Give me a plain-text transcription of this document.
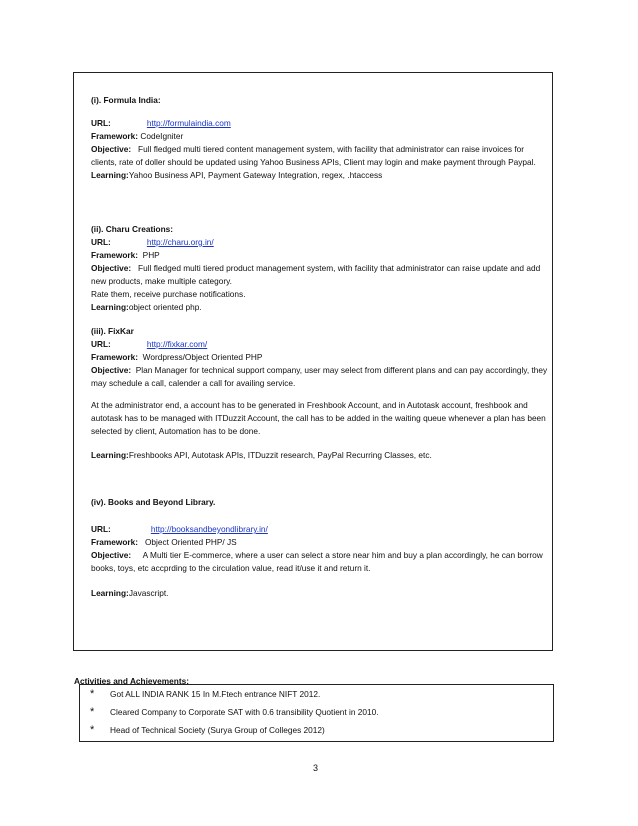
(i). Formula India:
URL:	http://formulaindia.com
Framework: CodeIgniter
Objective: Full fledged multi tiered content management system, with facility that administrator can raise invoices for clients, rate of doller should be updated using Yahoo Business APIs, Client may login and make payment through Paypal.
Learning:Yahoo Business API, Payment Gateway Integration, regex, .htaccess
(ii). Charu Creations:
URL:	http://charu.org.in/
Framework: PHP
Objective: Full fledged multi tiered product management system, with facility that administrator can raise update and add new products, make multiple category.
Rate them, receive purchase notifications.
Learning:object oriented php.
(iii). FixKar
URL:	http://fixkar.com/
Framework: Wordpress/Object Oriented PHP
Objective: Plan Manager for technical support company, user may select from different plans and can pay accordingly, they may schedule a call, calender a call for availing service.
At the administrator end, a account has to be generated in Freshbook Account, and in Autotask account, freshbook and autotask has to be managed with ITDuzzit Account, the call has to be added in the waiting queue whenever a plan has been selected by client, Automation has to be done.
Learning:Freshbooks API, Autotask APIs, ITDuzzit research, PayPal Recurring Classes, etc.
(iv). Books and Beyond Library.
URL:	http://booksandbeyondlibrary.in/
Framework: Object Oriented PHP/ JS
Objective: A Multi tier E-commerce, where a user can select a store near him and buy a plan accordingly, he can borrow books, toys, etc accprding to the circulation value, read it/use it and return it.
Learning:Javascript.
Activities and Achievements:
* Got ALL INDIA RANK 15 In M.Ftech entrance NIFT 2012.
* Cleared Company to Corporate SAT with 0.6 transibility Quotient in 2010.
* Head of Technical Society (Surya Group of Colleges 2012)
3
